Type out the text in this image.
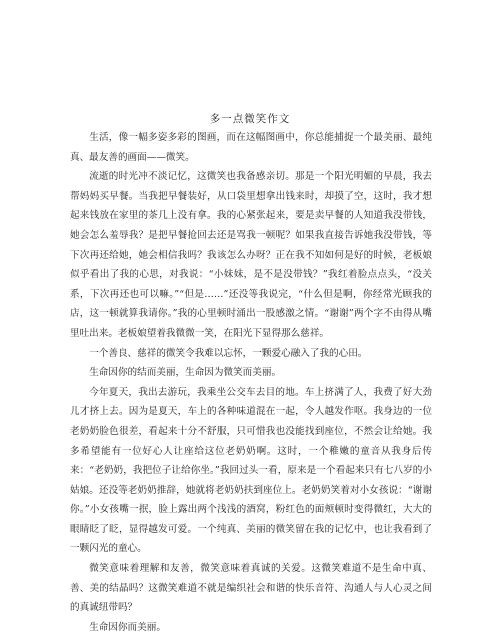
多一点微笑作文

生活，像一幅多姿多彩的图画，而在这幅图画中，你总能捕捉一个最美丽、最纯真、最友善的画面——微笑。

流逝的时光冲不淡记忆，这微笑也我备感亲切。那是一个阳光明媚的早晨，我去帮妈妈买早餐。当我把早餐装好，从口袋里想拿出钱来时，却摸了空，这时，我才想起来钱放在家里的茶几上没有拿。我的心紧张起来，要是卖早餐的人知道我没带钱，她会怎么羞辱我？是把早餐抢回去还是骂我一顿呢？如果我直接告诉她我没带钱，等下次再还给她，她会相信我吗？我该怎么办呀？正在我不知如何是好的时候，老板娘似乎看出了我的心思，对我说：“小妹妹，是不是没带钱？”我红着脸点点头，“没关系，下次再还也可以嘛。”“但是……”还没等我说完，“什么但是啊，你经常光顾我的店，这一顿就算我请你。”我的心里顿时涌出一股感激之情。“谢谢”两个字不由得从嘴里吐出来。老板娘望着我微微一笑，在阳光下显得那么慈祥。

一个善良、慈祥的微笑令我难以忘怀，一颗爱心融入了我的心田。

生命因你的结而美丽，生命因为微笑而美丽。

今年夏天，我出去游玩，我乘坐公交车去目的地。车上挤满了人，我费了好大劲儿才挤上去。因为是夏天，车上的各种味道混在一起，令人越发作呕。我身边的一位老奶奶脸色很差，看起来十分不舒服，只可惜我也没能找到座位，不然会让给她。我多希望能有一位好心人让座给这位老奶奶啊。这时，一个稚嫩的童音从我身后传来：“老奶奶，我把位子让给你坐。”我回过头一看，原来是一个看起来只有七八岁的小姑娘。还没等老奶奶推辞，她就将老奶奶扶到座位上。老奶奶笑着对小女孩说：“谢谢你。”小女孩嘴一抿，脸上露出两个浅浅的酒窝，粉红色的面颊顿时变得微红，大大的眼睛眨了眨，显得越发可爱。一个纯真、美丽的微笑留在我的记忆中，也让我看到了一颗闪光的童心。

微笑意味着理解和友善，微笑意味着真诚的关爱。这微笑难道不是生命中真、善、美的结晶吗？这微笑难道不就是编织社会和谐的快乐音符、沟通人与人心灵之间的真诚纽带吗？

生命因你而美丽。
